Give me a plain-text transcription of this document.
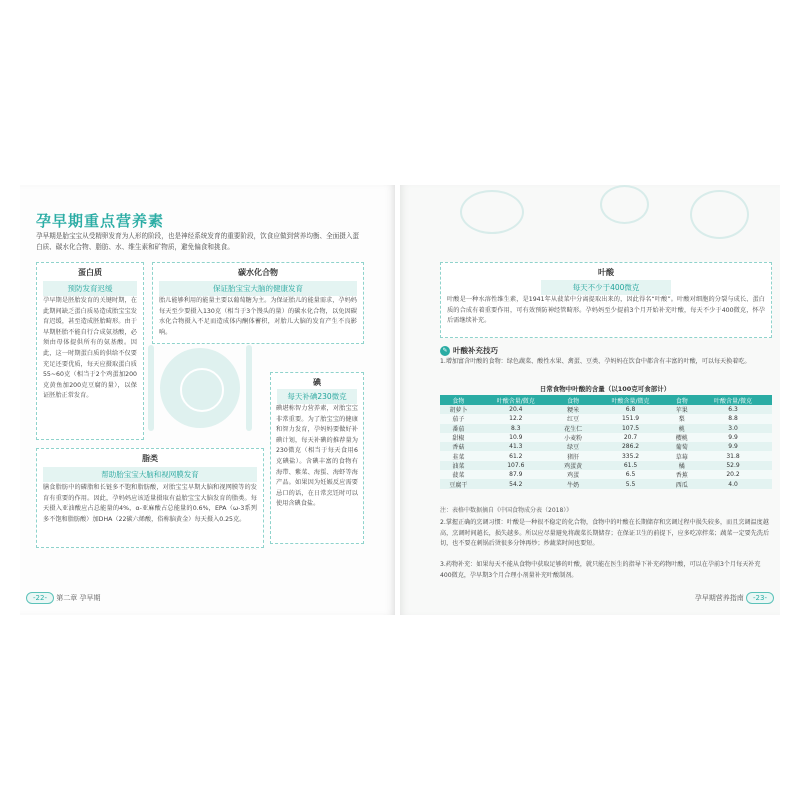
孕早期重点营养素
孕早期是胎宝宝从受精卵发育为人形的阶段，也是神经系统发育的重要阶段，饮食应做到营养均衡、全面摄入蛋白质、碳水化合物、脂肪、水、维生素和矿物质，避免偏食和挑食。
蛋白质
预防发育迟缓
孕早期是胚胎发育的关键时期，在此期间缺乏蛋白质易造成胎宝宝发育迟缓，甚至造成胚胎畸形。由于早期胚胎不能自行合成氨基酸，必须由母体提供所有的氨基酸。因此，这一时期蛋白质的供给不仅要充足还要优质，每天应摄取蛋白质55~60克（相当于2个鸡蛋加200克黄鱼加200克豆腐的量），以保证胚胎正常发育。
碳水化合物
保证胎宝宝大脑的健康发育
胎儿能够利用的能量主要以葡萄糖为主。为保证胎儿的能量需求，孕妈妈每天至少要摄入130克（相当于3个馒头的量）的碳水化合物，以免因碳水化合物摄入不足而造成体内酮体蓄积，对胎儿大脑的发育产生不良影响。
碘
每天补碘230微克
碘堪称智力营养素，对胎宝宝非常重要。为了胎宝宝的健康和智力发育，孕妈妈要做好补碘计划，每天补碘的推荐量为230微克（相当于每天食用6克碘盐）。含碘丰富的食物有海带、紫菜、海蜇、海虾等海产品。如果因为妊娠反应需要忌口的话，在日常烹饪时可以使用含碘食盐。
脂类
帮助胎宝宝大脑和视网膜发育
膳食脂肪中的磷脂和长链多不饱和脂肪酸，对胎宝宝早期大脑和视网膜等的发育有重要的作用。因此，孕妈妈应该适量摄取有益胎宝宝大脑发育的脂类。每天摄入亚油酸应占总能量的4%，α-亚麻酸占总能量的0.6%，EPA（ω-3系列多不饱和脂肪酸）加DHA（22碳六烯酸，俗称脑黄金）每天摄入0.25克。
-22- 第二章 孕早期
叶酸
每天不少于400微克
叶酸是一种水溶性维生素，是1941年从菠菜中分离提取出来的，因此得名“叶酸”。叶酸对细胞的分裂与成长、蛋白质的合成有着重要作用，可有效预防神经管畸形。孕妈妈至少提前3个月开始补充叶酸，每天不少于400微克，怀孕后需继续补充。
✎ 叶酸补充技巧
1.增加富含叶酸的食物：绿色蔬菜、酸性水果、禽蛋、豆类、孕妈妈在饮食中都含有丰富的叶酸，可以每天换着吃。
日常食物中叶酸的含量（以100克可食部计）
食物	叶酸含量/微克	食物	叶酸含量/微克	食物	叶酸含量/微克
胡萝卜	20.4	粳米	6.8	苹果	6.3
茄子	12.2	红豆	151.9	梨	8.8
番茄	8.3	花生仁	107.5	桃	3.0
甜椒	10.9	小麦粉	20.7	樱桃	9.9
香菇	41.3	绿豆	286.2	葡萄	9.9
韭菜	61.2	猪肝	335.2	草莓	31.8
油菜	107.6	鸡蛋黄	61.5	橘	52.9
菠菜	87.9	鸡蛋	6.5	香蕉	20.2
豆腐干	54.2	牛奶	5.5	西瓜	4.0
注：表格中数据摘自《中国食物成分表（2018）》
2.掌握正确的烹调习惯：叶酸是一种很不稳定的化合物，食物中的叶酸在长期储存和烹调过程中损失较多，而且烹调温度越高，烹调时间越长，损失越多。所以应尽量避免将蔬菜长期储存；在保证卫生的前提下，应多吃凉拌菜；蔬菜一定要先洗后切，也不要在刺锅后烫很多分钟再炒；炒蔬菜时间也要短。
3.药物补充：如果每天不能从食物中获取足够的叶酸，就只能在医生的指导下补充药物叶酸，可以在孕前3个月每天补充400微克，孕早期3个月合理小剂量补充叶酸制剂。
孕早期营养指南 -23-
